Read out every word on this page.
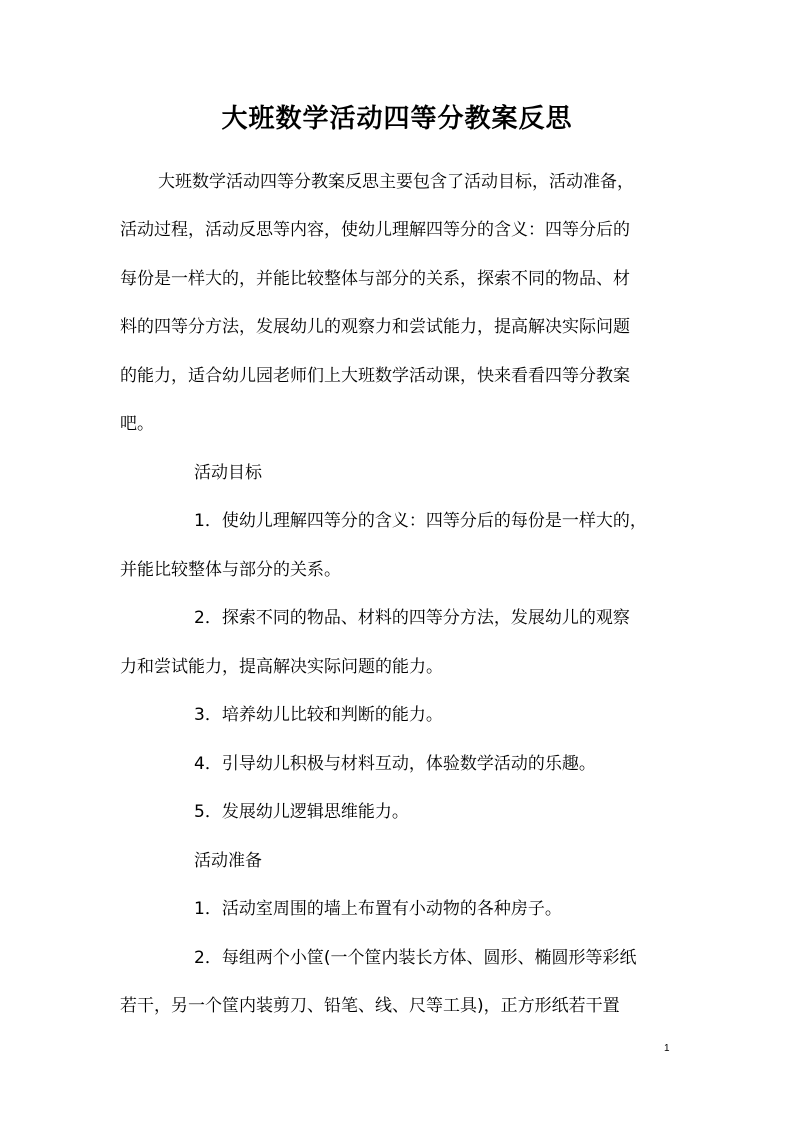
大班数学活动四等分教案反思
大班数学活动四等分教案反思主要包含了活动目标，活动准备，
活动过程，活动反思等内容，使幼儿理解四等分的含义：四等分后的
每份是一样大的，并能比较整体与部分的关系，探索不同的物品、材
料的四等分方法，发展幼儿的观察力和尝试能力，提高解决实际问题
的能力，适合幼儿园老师们上大班数学活动课，快来看看四等分教案
吧。
活动目标
1．使幼儿理解四等分的含义：四等分后的每份是一样大的，
并能比较整体与部分的关系。
2．探索不同的物品、材料的四等分方法，发展幼儿的观察
力和尝试能力，提高解决实际问题的能力。
3．培养幼儿比较和判断的能力。
4．引导幼儿积极与材料互动，体验数学活动的乐趣。
5．发展幼儿逻辑思维能力。
活动准备
1．活动室周围的墙上布置有小动物的各种房子。
2．每组两个小筐(一个筐内装长方体、圆形、椭圆形等彩纸
若干，另一个筐内装剪刀、铅笔、线、尺等工具)，正方形纸若干置
1
